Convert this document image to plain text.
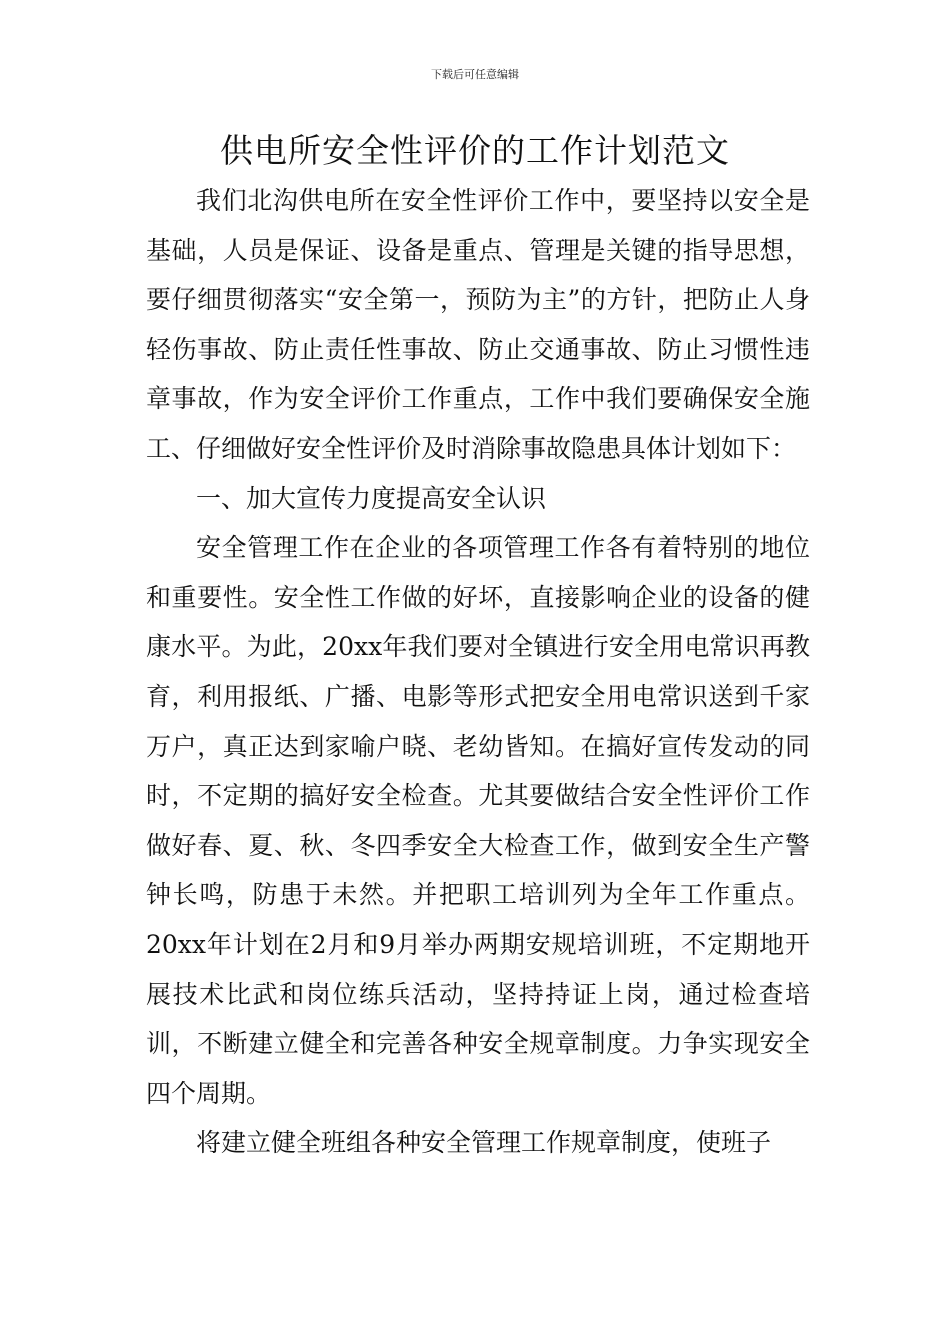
下载后可任意编辑
供电所安全性评价的工作计划范文

我们北沟供电所在安全性评价工作中，要坚持以安全是基础，人员是保证、设备是重点、管理是关键的指导思想，要仔细贯彻落实“安全第一，预防为主”的方针，把防止人身轻伤事故、防止责任性事故、防止交通事故、防止习惯性违章事故，作为安全评价工作重点，工作中我们要确保安全施工、仔细做好安全性评价及时消除事故隐患具体计划如下：

一、加大宣传力度提高安全认识

安全管理工作在企业的各项管理工作各有着特别的地位和重要性。安全性工作做的好坏，直接影响企业的设备的健康水平。为此，20xx年我们要对全镇进行安全用电常识再教育，利用报纸、广播、电影等形式把安全用电常识送到千家万户，真正达到家喻户晓、老幼皆知。在搞好宣传发动的同时，不定期的搞好安全检查。尤其要做结合安全性评价工作做好春、夏、秋、冬四季安全大检查工作，做到安全生产警钟长鸣，防患于未然。并把职工培训列为全年工作重点。20xx年计划在2月和9月举办两期安规培训班，不定期地开展技术比武和岗位练兵活动，坚持持证上岗，通过检查培训，不断建立健全和完善各种安全规章制度。力争实现安全四个周期。

将建立健全班组各种安全管理工作规章制度，使班子
